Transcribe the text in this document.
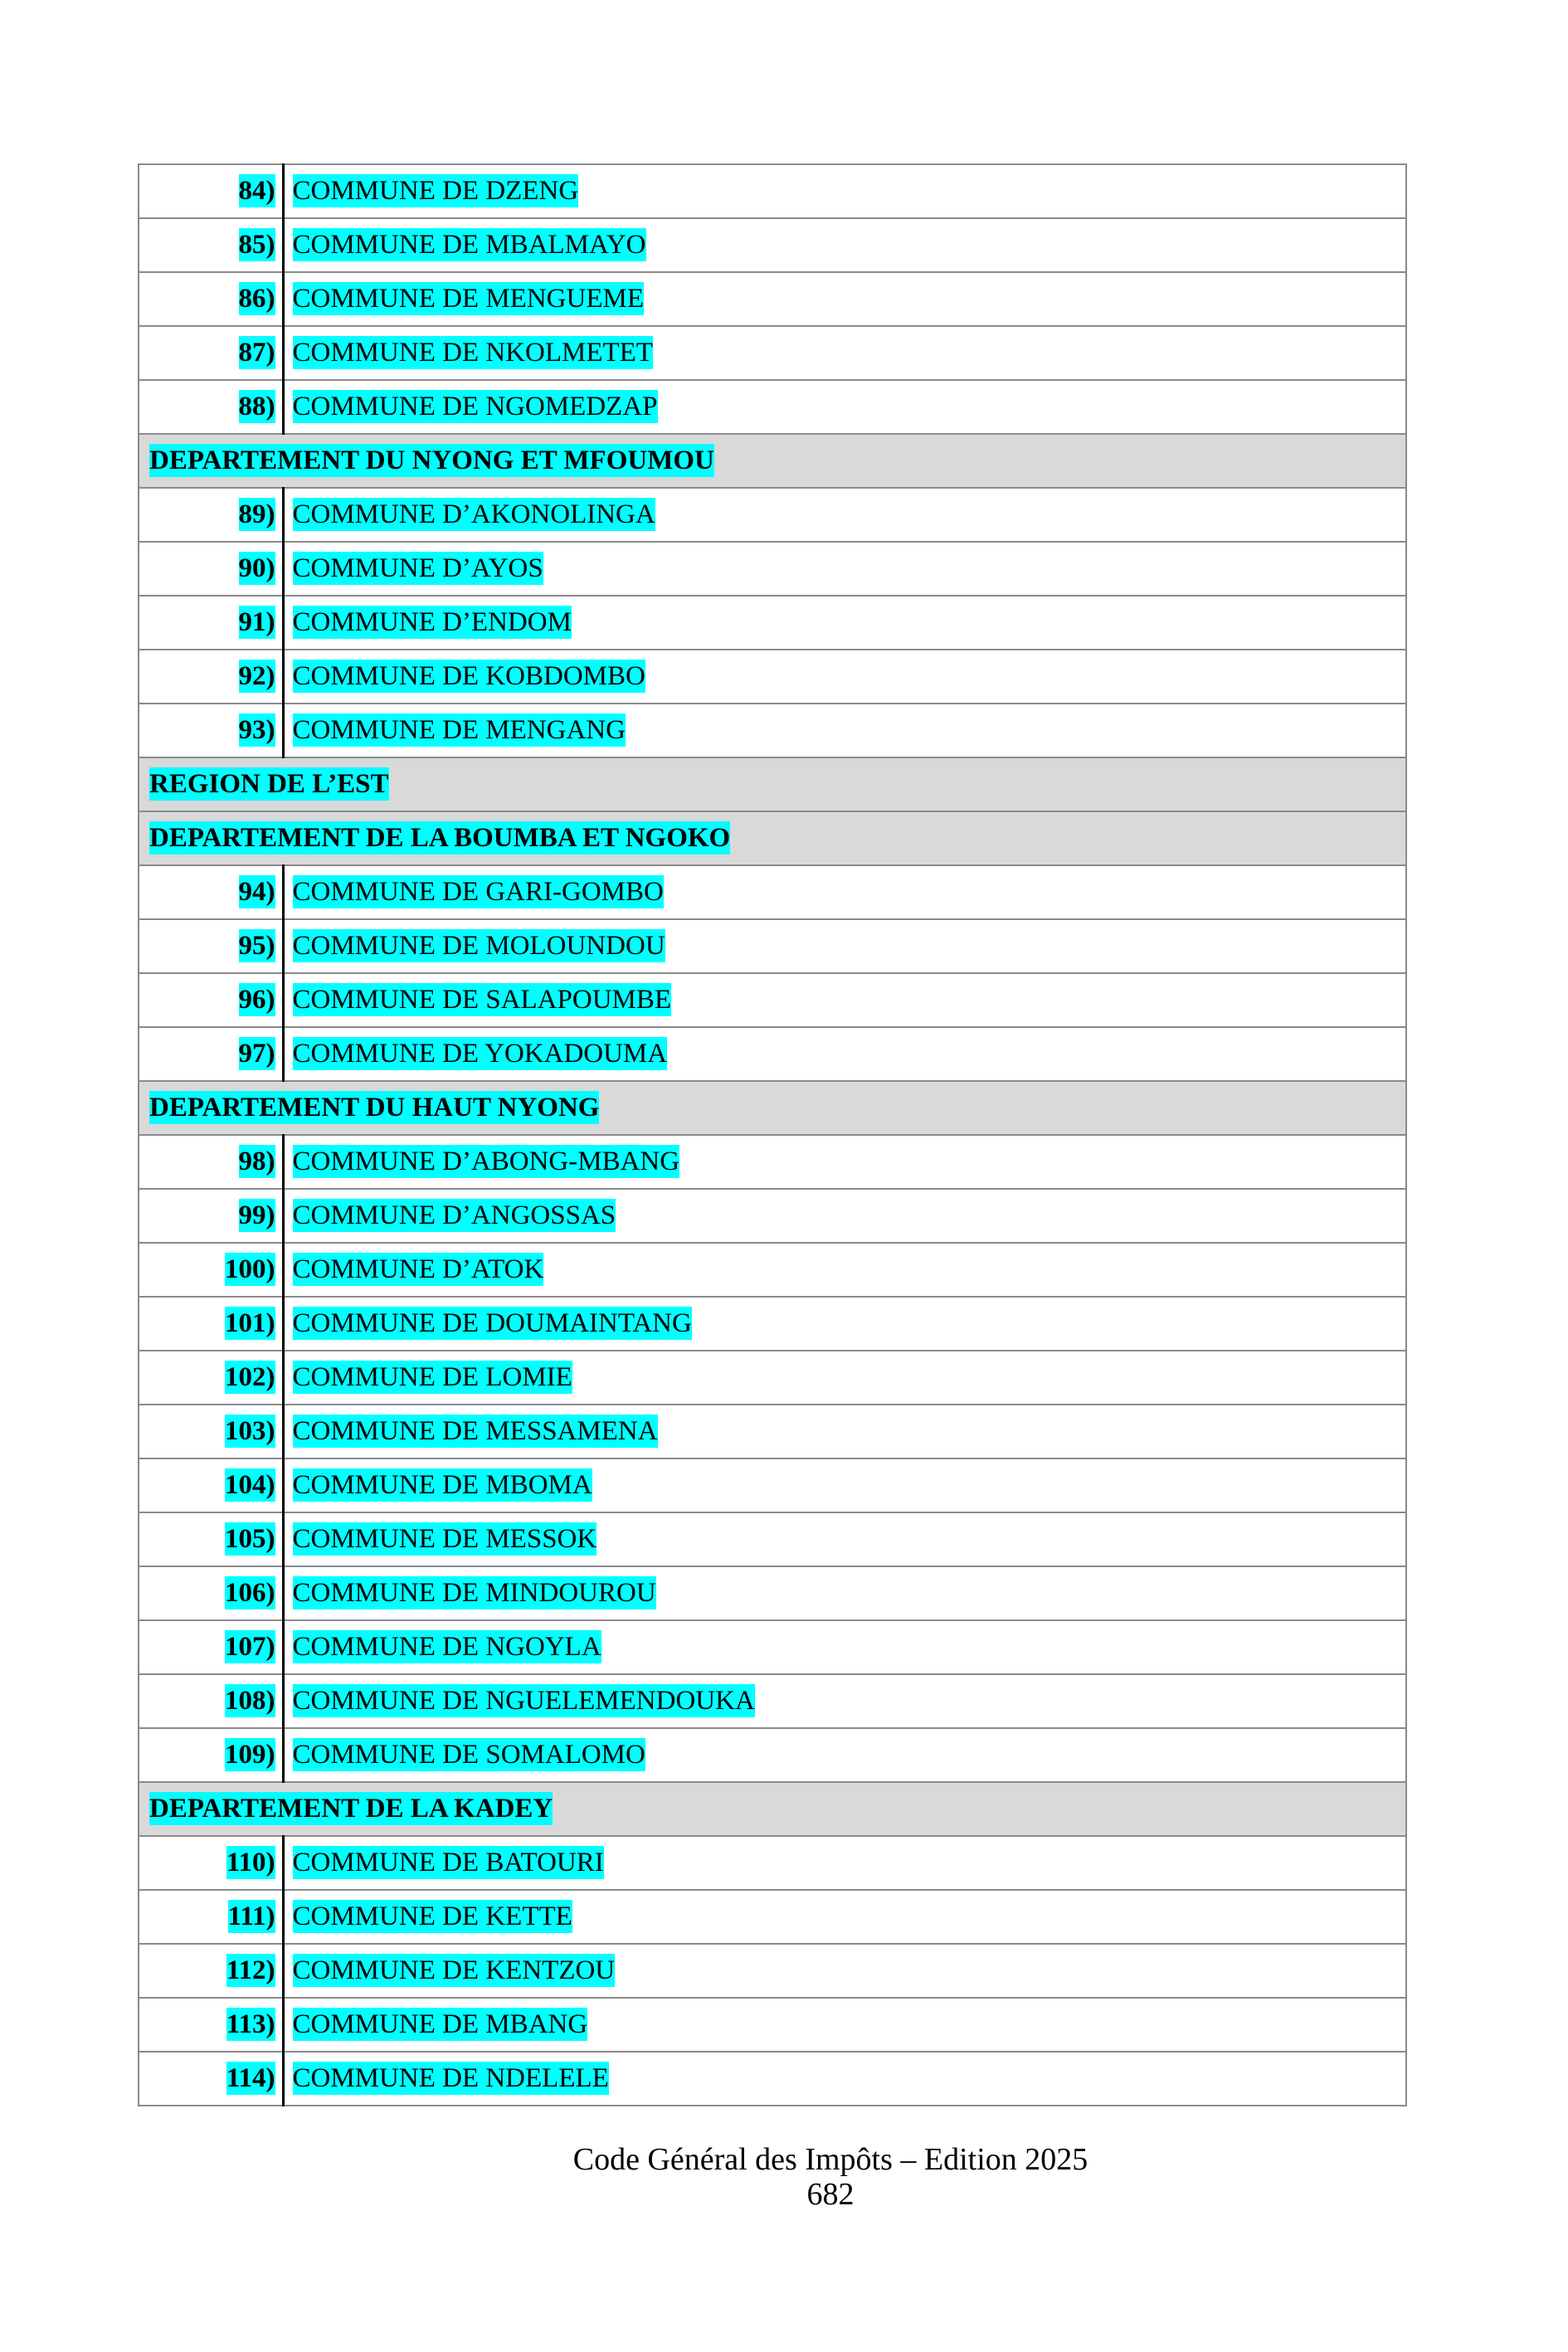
84)	COMMUNE DE DZENG
85)	COMMUNE DE MBALMAYO
86)	COMMUNE DE MENGUEME
87)	COMMUNE DE NKOLMETET
88)	COMMUNE DE NGOMEDZAP
DEPARTEMENT DU NYONG ET MFOUMOU	
89)	COMMUNE D’AKONOLINGA
90)	COMMUNE D’AYOS
91)	COMMUNE D’ENDOM
92)	COMMUNE DE KOBDOMBO
93)	COMMUNE DE MENGANG
REGION DE L’EST	
DEPARTEMENT DE LA BOUMBA ET NGOKO	
94)	COMMUNE DE GARI-GOMBO
95)	COMMUNE DE MOLOUNDOU
96)	COMMUNE DE SALAPOUMBE
97)	COMMUNE DE YOKADOUMA
DEPARTEMENT DU HAUT NYONG	
98)	COMMUNE D’ABONG-MBANG
99)	COMMUNE D’ANGOSSAS
100)	COMMUNE D’ATOK
101)	COMMUNE DE DOUMAINTANG
102)	COMMUNE DE LOMIE
103)	COMMUNE DE MESSAMENA
104)	COMMUNE DE MBOMA
105)	COMMUNE DE MESSOK
106)	COMMUNE DE MINDOUROU
107)	COMMUNE DE NGOYLA
108)	COMMUNE DE NGUELEMENDOUKA
109)	COMMUNE DE SOMALOMO
DEPARTEMENT DE LA KADEY	
110)	COMMUNE DE BATOURI
111)	COMMUNE DE KETTE
112)	COMMUNE DE KENTZOU
113)	COMMUNE DE MBANG
114)	COMMUNE DE NDELELE
Code Général des Impôts – Edition 2025
682
